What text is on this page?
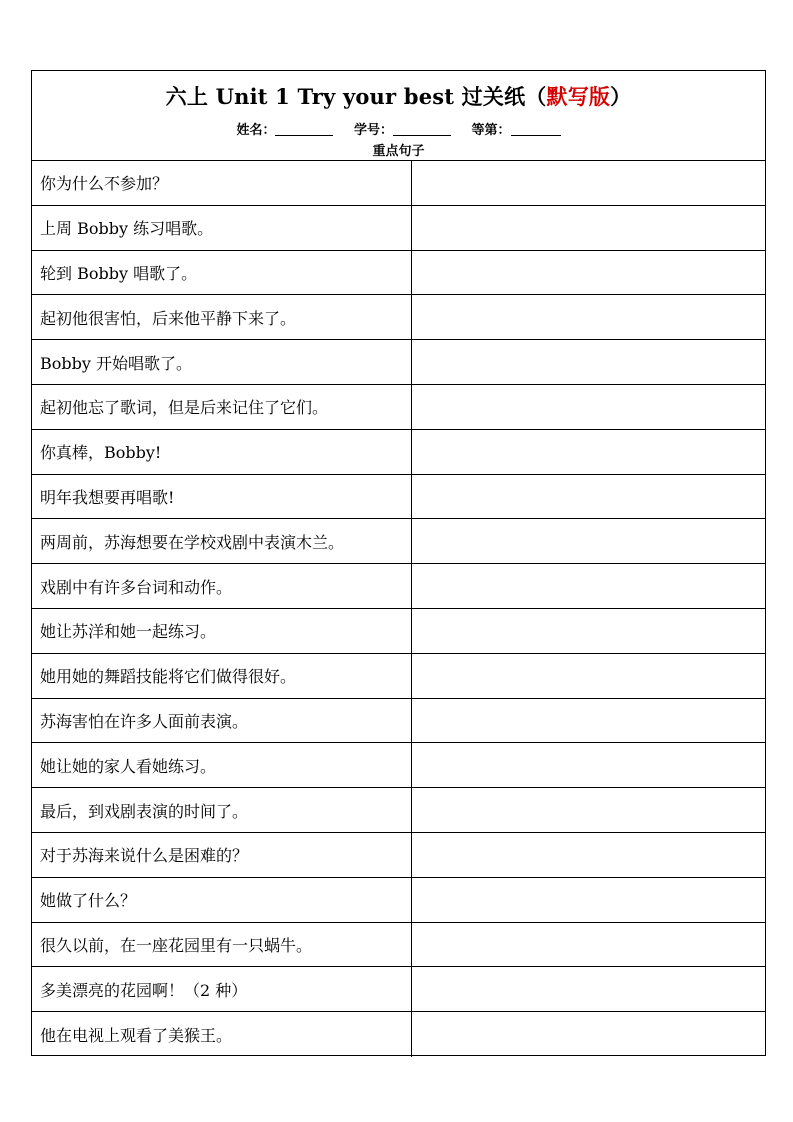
六上 Unit 1 Try your best 过关纸（默写版）
姓名：	学号：	等第：
重点句子
你为什么不参加？
上周 Bobby 练习唱歌。
轮到 Bobby 唱歌了。
起初他很害怕，后来他平静下来了。
Bobby 开始唱歌了。
起初他忘了歌词，但是后来记住了它们。
你真棒，Bobby!
明年我想要再唱歌!
两周前，苏海想要在学校戏剧中表演木兰。
戏剧中有许多台词和动作。
她让苏洋和她一起练习。
她用她的舞蹈技能将它们做得很好。
苏海害怕在许多人面前表演。
她让她的家人看她练习。
最后，到戏剧表演的时间了。
对于苏海来说什么是困难的？
她做了什么？
很久以前，在一座花园里有一只蜗牛。
多美漂亮的花园啊！（2 种）
他在电视上观看了美猴王。
